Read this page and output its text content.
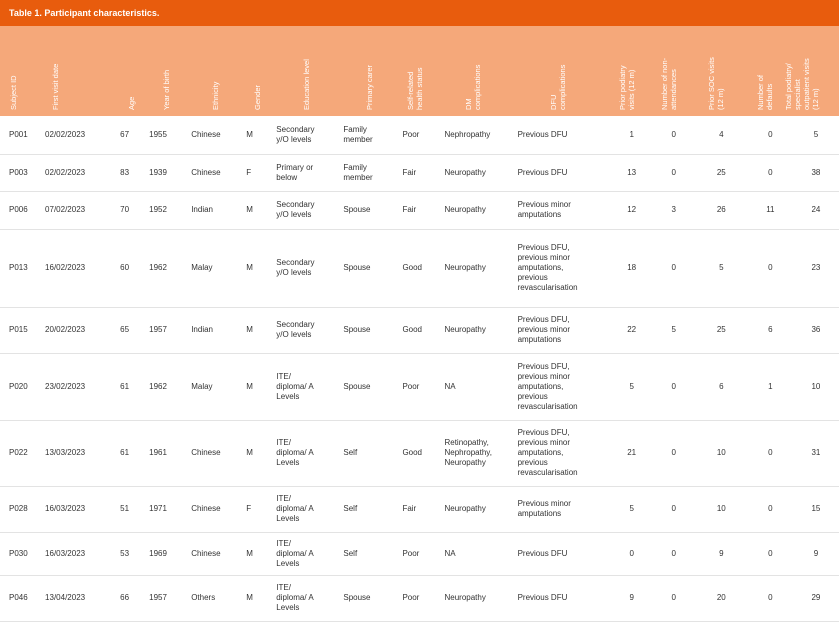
Table 1. Participant characteristics.
Subject ID	First visit date	Age	Year of birth	Ethnicity	Gender	Education level	Primary carer	Self-related
health status	DM
complications	DFU
complications	Prior podiatry
visits (12 m)	Number of non-
attendances	Prior SOC visits
(12 m)	Number of
defaults	Total podiatry/
specialist
outpatient visits
(12 m)

P001	02/02/2023	67	1955	Chinese	M	Secondary
y/O levels	Family
member	Poor	Nephropathy	Previous DFU	1	0	4	0	5
P003	02/02/2023	83	1939	Chinese	F	Primary or
below	Family
member	Fair	Neuropathy	Previous DFU	13	0	25	0	38
P006	07/02/2023	70	1952	Indian	M	Secondary
y/O levels	Spouse	Fair	Neuropathy	Previous minor
amputations	12	3	26	11	24
P013	16/02/2023	60	1962	Malay	M	Secondary
y/O levels	Spouse	Good	Neuropathy	Previous DFU,
previous minor
amputations,
previous
revascularisation	18	0	5	0	23
P015	20/02/2023	65	1957	Indian	M	Secondary
y/O levels	Spouse	Good	Neuropathy	Previous DFU,
previous minor
amputations	22	5	25	6	36
P020	23/02/2023	61	1962	Malay	M	ITE/
diploma/ A
Levels	Spouse	Poor	NA	Previous DFU,
previous minor
amputations,
previous
revascularisation	5	0	6	1	10
P022	13/03/2023	61	1961	Chinese	M	ITE/
diploma/ A
Levels	Self	Good	Retinopathy,
Nephropathy,
Neuropathy	Previous DFU,
previous minor
amputations,
previous
revascularisation	21	0	10	0	31
P028	16/03/2023	51	1971	Chinese	F	ITE/
diploma/ A
Levels	Self	Fair	Neuropathy	Previous minor
amputations	5	0	10	0	15
P030	16/03/2023	53	1969	Chinese	M	ITE/
diploma/ A
Levels	Self	Poor	NA	Previous DFU	0	0	9	0	9
P046	13/04/2023	66	1957	Others	M	ITE/
diploma/ A
Levels	Spouse	Poor	Neuropathy	Previous DFU	9	0	20	0	29
